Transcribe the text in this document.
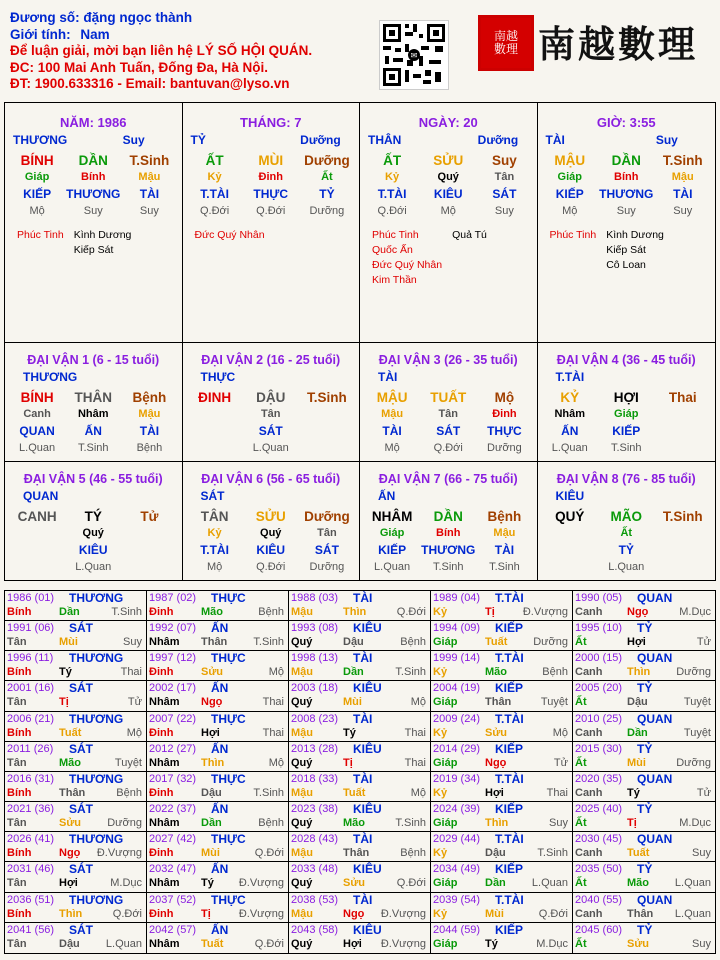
Đương số: đặng ngọc thành
Giới tính: Nam
Để luận giải, mời bạn liên hệ LÝ SỐ HỘI QUÁN.
ĐC: 100 Mai Anh Tuấn, Đống Đa, Hà Nội.
ĐT: 1900.633316 - Email: bantuvan@lyso.vn
✉
南越
數理 南越數理
NĂM: 1986
THƯƠNG	Suy
BÍNH	DẦN	T.Sinh
Giáp	Bính	Mậu
KIẾP	THƯƠNG	TÀI
Mộ	Suy	Suy
Phúc Tinh Kình Dương
Kiếp Sát
THÁNG: 7
TỶ	Dưỡng
ẤT	MÙI	Dưỡng
Kỷ	Đinh	Ất
T.TÀI	THỰC	TỶ
Q.Đới	Q.Đới	Dưỡng
Đức Quý Nhân
NGÀY: 20
THÂN	Dưỡng
ẤT	SỬU	Suy
Kỷ	Quý	Tân
T.TÀI	KIÊU	SÁT
Q.Đới	Mộ	Suy
Phúc Tinh
Quốc Ấn
Đức Quý Nhân
Kim Thần
Quả Tú
GIỜ: 3:55
TÀI	Suy
MẬU	DẦN	T.Sinh
Giáp	Bính	Mậu
KIẾP	THƯƠNG	TÀI
Mộ	Suy	Suy
Phúc Tinh Kình Dương
Kiếp Sát
Cô Loan
ĐẠI VẬN 1 (6 - 15 tuổi)
THƯƠNG
BÍNH	THÂN	Bệnh
Canh	Nhâm	Mậu
QUAN	ẤN	TÀI
L.Quan	T.Sinh	Bệnh
ĐẠI VẬN 2 (16 - 25 tuổi)
THỰC
ĐINH	DẬU	T.Sinh
Tân
SÁT
L.Quan
ĐẠI VẬN 3 (26 - 35 tuổi)
TÀI
MẬU	TUẤT	Mộ
Mậu	Tân	Đinh
TÀI	SÁT	THỰC
Mộ	Q.Đới	Dưỡng
ĐẠI VẬN 4 (36 - 45 tuổi)
T.TÀI
KỶ	HỢI	Thai
Nhâm	Giáp
ẤN	KIẾP
L.Quan	T.Sinh
ĐẠI VẬN 5 (46 - 55 tuổi)
QUAN
CANH	TÝ	Tử
Quý
KIÊU
L.Quan
ĐẠI VẬN 6 (56 - 65 tuổi)
SÁT
TÂN	SỬU	Dưỡng
Kỷ	Quý	Tân
T.TÀI	KIÊU	SÁT
Mộ	Q.Đới	Dưỡng
ĐẠI VẬN 7 (66 - 75 tuổi)
ẤN
NHÂM	DẦN	Bệnh
Giáp	Bính	Mậu
KIẾP	THƯƠNG	TÀI
L.Quan	T.Sinh	T.Sinh
ĐẠI VẬN 8 (76 - 85 tuổi)
KIÊU
QUÝ	MÃO	T.Sinh
Ất
TỶ
L.Quan
1986 (01) THƯƠNG
Bính	Dần	T.Sinh
1987 (02) THỰC
Đinh	Mão	Bệnh
1988 (03) TÀI
Mậu	Thìn	Q.Đới
1989 (04) T.TÀI
Kỷ	Tị	Đ.Vượng
1990 (05) QUAN
Canh Ngọ	M.Dục
1991 (06) SÁT
Tân	Mùi	Suy
1992 (07) ẤN
Nhâm Thân T.Sinh
1993 (08) KIÊU
Quý	Dậu	Bệnh
1994 (09) KIẾP
Giáp	Tuất Dưỡng
1995 (10) TỶ
Ất	Hợi	Tử
1996 (11) THƯƠNG
Bính	Tý	Thai
1997 (12) THỰC
Đinh	Sửu	Mộ
1998 (13) TÀI
Mậu	Dần	T.Sinh
1999 (14) T.TÀI
Kỷ	Mão	Bệnh
2000 (15) QUAN
Canh Thìn Dưỡng
2001 (16) SÁT
Tân	Tị	Tử
2002 (17) ẤN
Nhâm Ngọ	Thai
2003 (18) KIÊU
Quý	Mùi	Mộ
2004 (19) KIẾP
Giáp	Thân	Tuyệt
2005 (20) TỶ
Ất	Dậu	Tuyệt
2006 (21) THƯƠNG
Bính	Tuất	Mộ
2007 (22) THỰC
Đinh	Hợi	Thai
2008 (23) TÀI
Mậu	Tý	Thai
2009 (24) T.TÀI
Kỷ	Sửu	Mộ
2010 (25) QUAN
Canh Dần	Tuyệt
2011 (26) SÁT
Tân	Mão	Tuyệt
2012 (27) ẤN
Nhâm Thìn	Mộ
2013 (28) KIÊU
Quý	Tị	Thai
2014 (29) KIẾP
Giáp	Ngọ	Tử
2015 (30) TỶ
Ất	Mùi	Dưỡng
2016 (31) THƯƠNG
Bính	Thân	Bệnh
2017 (32) THỰC
Đinh	Dậu	T.Sinh
2018 (33) TÀI
Mậu	Tuất	Mộ
2019 (34) T.TÀI
Kỷ	Hợi	Thai
2020 (35) QUAN
Canh Tý	Tử
2021 (36) SÁT
Tân	Sửu Dưỡng
2022 (37) ẤN
Nhâm Dần	Bệnh
2023 (38) KIÊU
Quý	Mão	T.Sinh
2024 (39) KIẾP
Giáp	Thìn	Suy
2025 (40) TỶ
Ất	Tị	M.Dục
2026 (41) THƯƠNG
Bính	Ngọ Đ.Vượng
2027 (42) THỰC
Đinh	Mùi	Q.Đới
2028 (43) TÀI
Mậu	Thân	Bệnh
2029 (44) T.TÀI
Kỷ	Dậu	T.Sinh
2030 (45) QUAN
Canh Tuất	Suy
2031 (46) SÁT
Tân	Hợi	M.Dục
2032 (47) ẤN
Nhâm Tý Đ.Vượng
2033 (48) KIÊU
Quý	Sửu	Q.Đới
2034 (49) KIẾP
Giáp	Dần L.Quan
2035 (50) TỶ
Ất	Mão L.Quan
2036 (51) THƯƠNG
Bính	Thìn	Q.Đới
2037 (52) THỰC
Đinh	Tị	Đ.Vượng
2038 (53) TÀI
Mậu	Ngọ Đ.Vượng
2039 (54) T.TÀI
Kỷ	Mùi	Q.Đới
2040 (55) QUAN
Canh Thân L.Quan
2041 (56) SÁT
Tân	Dậu L.Quan
2042 (57) ẤN
Nhâm Tuất	Q.Đới
2043 (58) KIÊU
Quý	Hợi Đ.Vượng
2044 (59) KIẾP
Giáp	Tý	M.Dục
2045 (60) TỶ
Ất	Sửu	Suy
